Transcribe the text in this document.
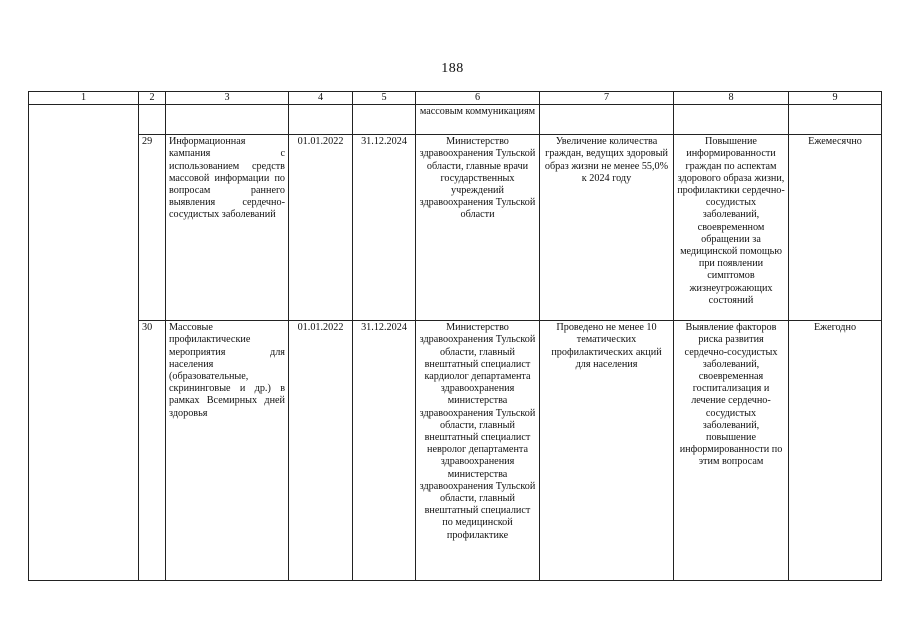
188
1	2	3	4	5	6	7	8	9
					массовым коммуникациям			
	29	Информационная кампания с использованием средств массовой информации по вопросам раннего выявления сердечно-сосудистых заболеваний	01.01.2022	31.12.2024	Министерство здравоохранения Тульской области, главные врачи государственных учреждений здравоохранения Тульской области	Увеличение количества граждан, ведущих здоровый образ жизни не менее 55,0% к 2024 году	Повышение информированности граждан по аспектам здорового образа жизни, профилактики сердечно-сосудистых заболеваний, своевременном обращении за медицинской помощью при появлении симптомов жизнеугрожающих состояний	Ежемесячно
	30	Массовые профилактические мероприятия для населения (образовательные, скрининговые и др.) в рамках Всемирных дней здоровья	01.01.2022	31.12.2024	Министерство здравоохранения Тульской области, главный внештатный специалист кардиолог департамента здравоохранения министерства здравоохранения Тульской области, главный внештатный специалист невролог департамента здравоохранения министерства здравоохранения Тульской области, главный внештатный специалист по медицинской профилактике	Проведено не менее 10 тематических профилактических акций для населения	Выявление факторов риска развития сердечно-сосудистых заболеваний, своевременная госпитализация и лечение сердечно-сосудистых заболеваний, повышение информированности по этим вопросам	Ежегодно
